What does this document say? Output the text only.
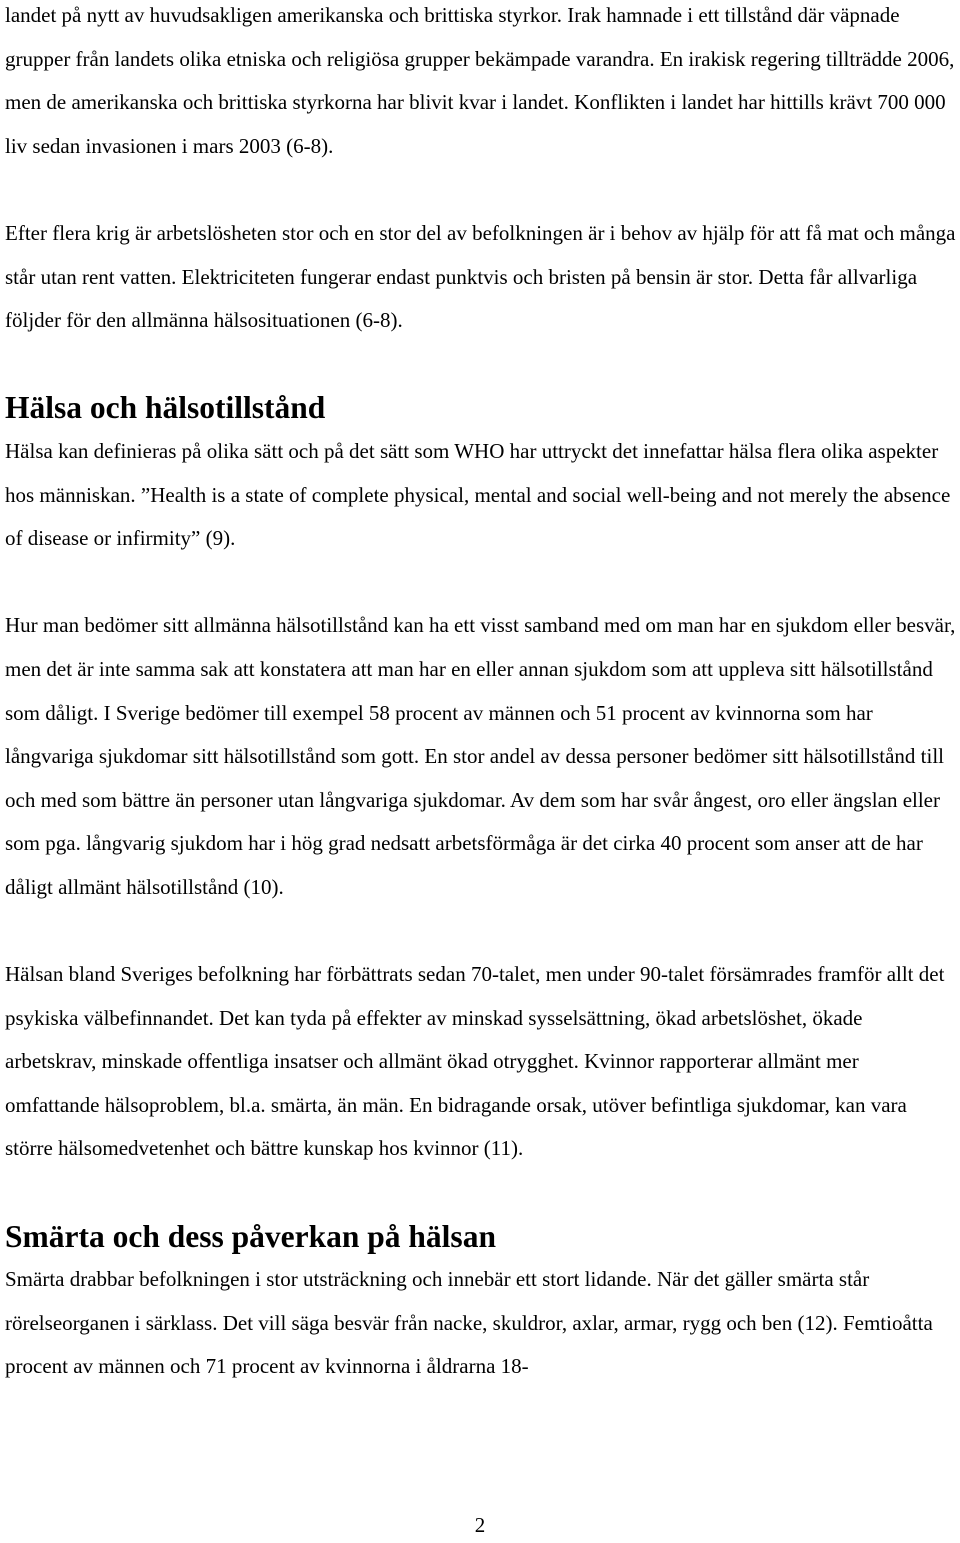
landet på nytt av huvudsakligen amerikanska och brittiska styrkor. Irak hamnade i ett tillstånd där väpnade grupper från landets olika etniska och religiösa grupper bekämpade varandra. En irakisk regering tillträdde 2006, men de amerikanska och brittiska styrkorna har blivit kvar i landet. Konflikten i landet har hittills krävt 700 000 liv sedan invasionen i mars 2003 (6-8).

Efter flera krig är arbetslösheten stor och en stor del av befolkningen är i behov av hjälp för att få mat och många står utan rent vatten. Elektriciteten fungerar endast punktvis och bristen på bensin är stor. Detta får allvarliga följder för den allmänna hälsosituationen (6-8).

Hälsa och hälsotillstånd

Hälsa kan definieras på olika sätt och på det sätt som WHO har uttryckt det innefattar hälsa flera olika aspekter hos människan. ”Health is a state of complete physical, mental and social well-being and not merely the absence of disease or infirmity” (9).

Hur man bedömer sitt allmänna hälsotillstånd kan ha ett visst samband med om man har en sjukdom eller besvär, men det är inte samma sak att konstatera att man har en eller annan sjukdom som att uppleva sitt hälsotillstånd som dåligt. I Sverige bedömer till exempel 58 procent av männen och 51 procent av kvinnorna som har långvariga sjukdomar sitt hälsotillstånd som gott. En stor andel av dessa personer bedömer sitt hälsotillstånd till och med som bättre än personer utan långvariga sjukdomar. Av dem som har svår ångest, oro eller ängslan eller som pga. långvarig sjukdom har i hög grad nedsatt arbetsförmåga är det cirka 40 procent som anser att de har dåligt allmänt hälsotillstånd (10).

Hälsan bland Sveriges befolkning har förbättrats sedan 70-talet, men under 90-talet försämrades framför allt det psykiska välbefinnandet. Det kan tyda på effekter av minskad sysselsättning, ökad arbetslöshet, ökade arbetskrav, minskade offentliga insatser och allmänt ökad otrygghet. Kvinnor rapporterar allmänt mer omfattande hälsoproblem, bl.a. smärta, än män. En bidragande orsak, utöver befintliga sjukdomar, kan vara större hälsomedvetenhet och bättre kunskap hos kvinnor (11).

Smärta och dess påverkan på hälsan

Smärta drabbar befolkningen i stor utsträckning och innebär ett stort lidande. När det gäller smärta står rörelseorganen i särklass. Det vill säga besvär från nacke, skuldror, axlar, armar, rygg och ben (12). Femtioåtta procent av männen och 71 procent av kvinnorna i åldrarna 18-

2
